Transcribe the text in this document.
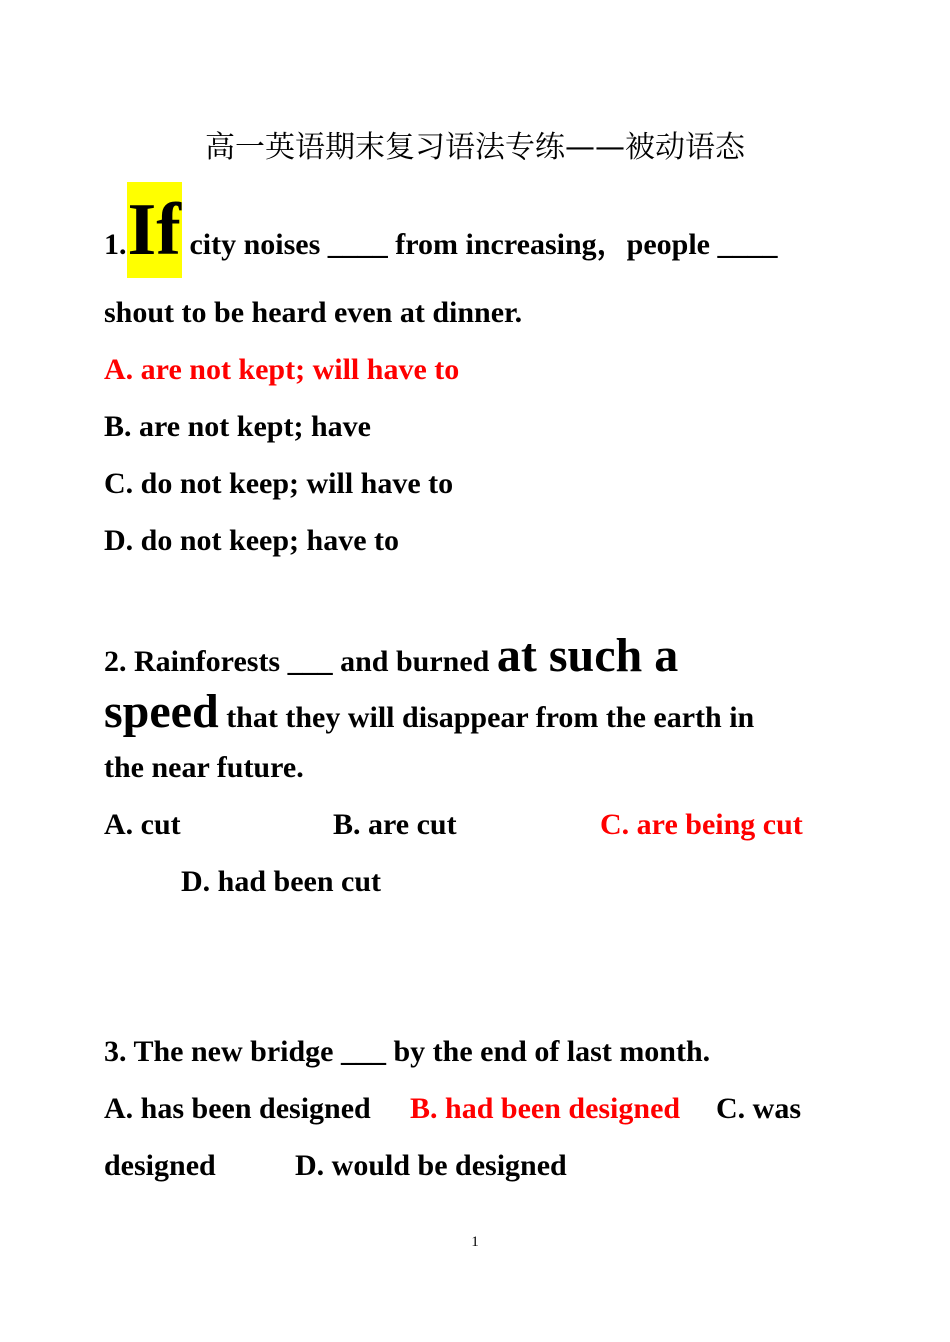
高一英语期末复习语法专练——被动语态
1.If city noises ____ from increasing，people ____
shout to be heard even at dinner.
A. are not kept; will have to
B. are not kept; have
C. do not keep; will have to
D. do not keep; have to
2. Rainforests ___ and burned at such a
speed that they will disappear from the earth in
the near future.
A. cut	B. are cut	C. are being cut
D. had been cut
3. The new bridge ___ by the end of last month.
A. has been designed B. had been designed C. was
designed	D. would be designed
1
